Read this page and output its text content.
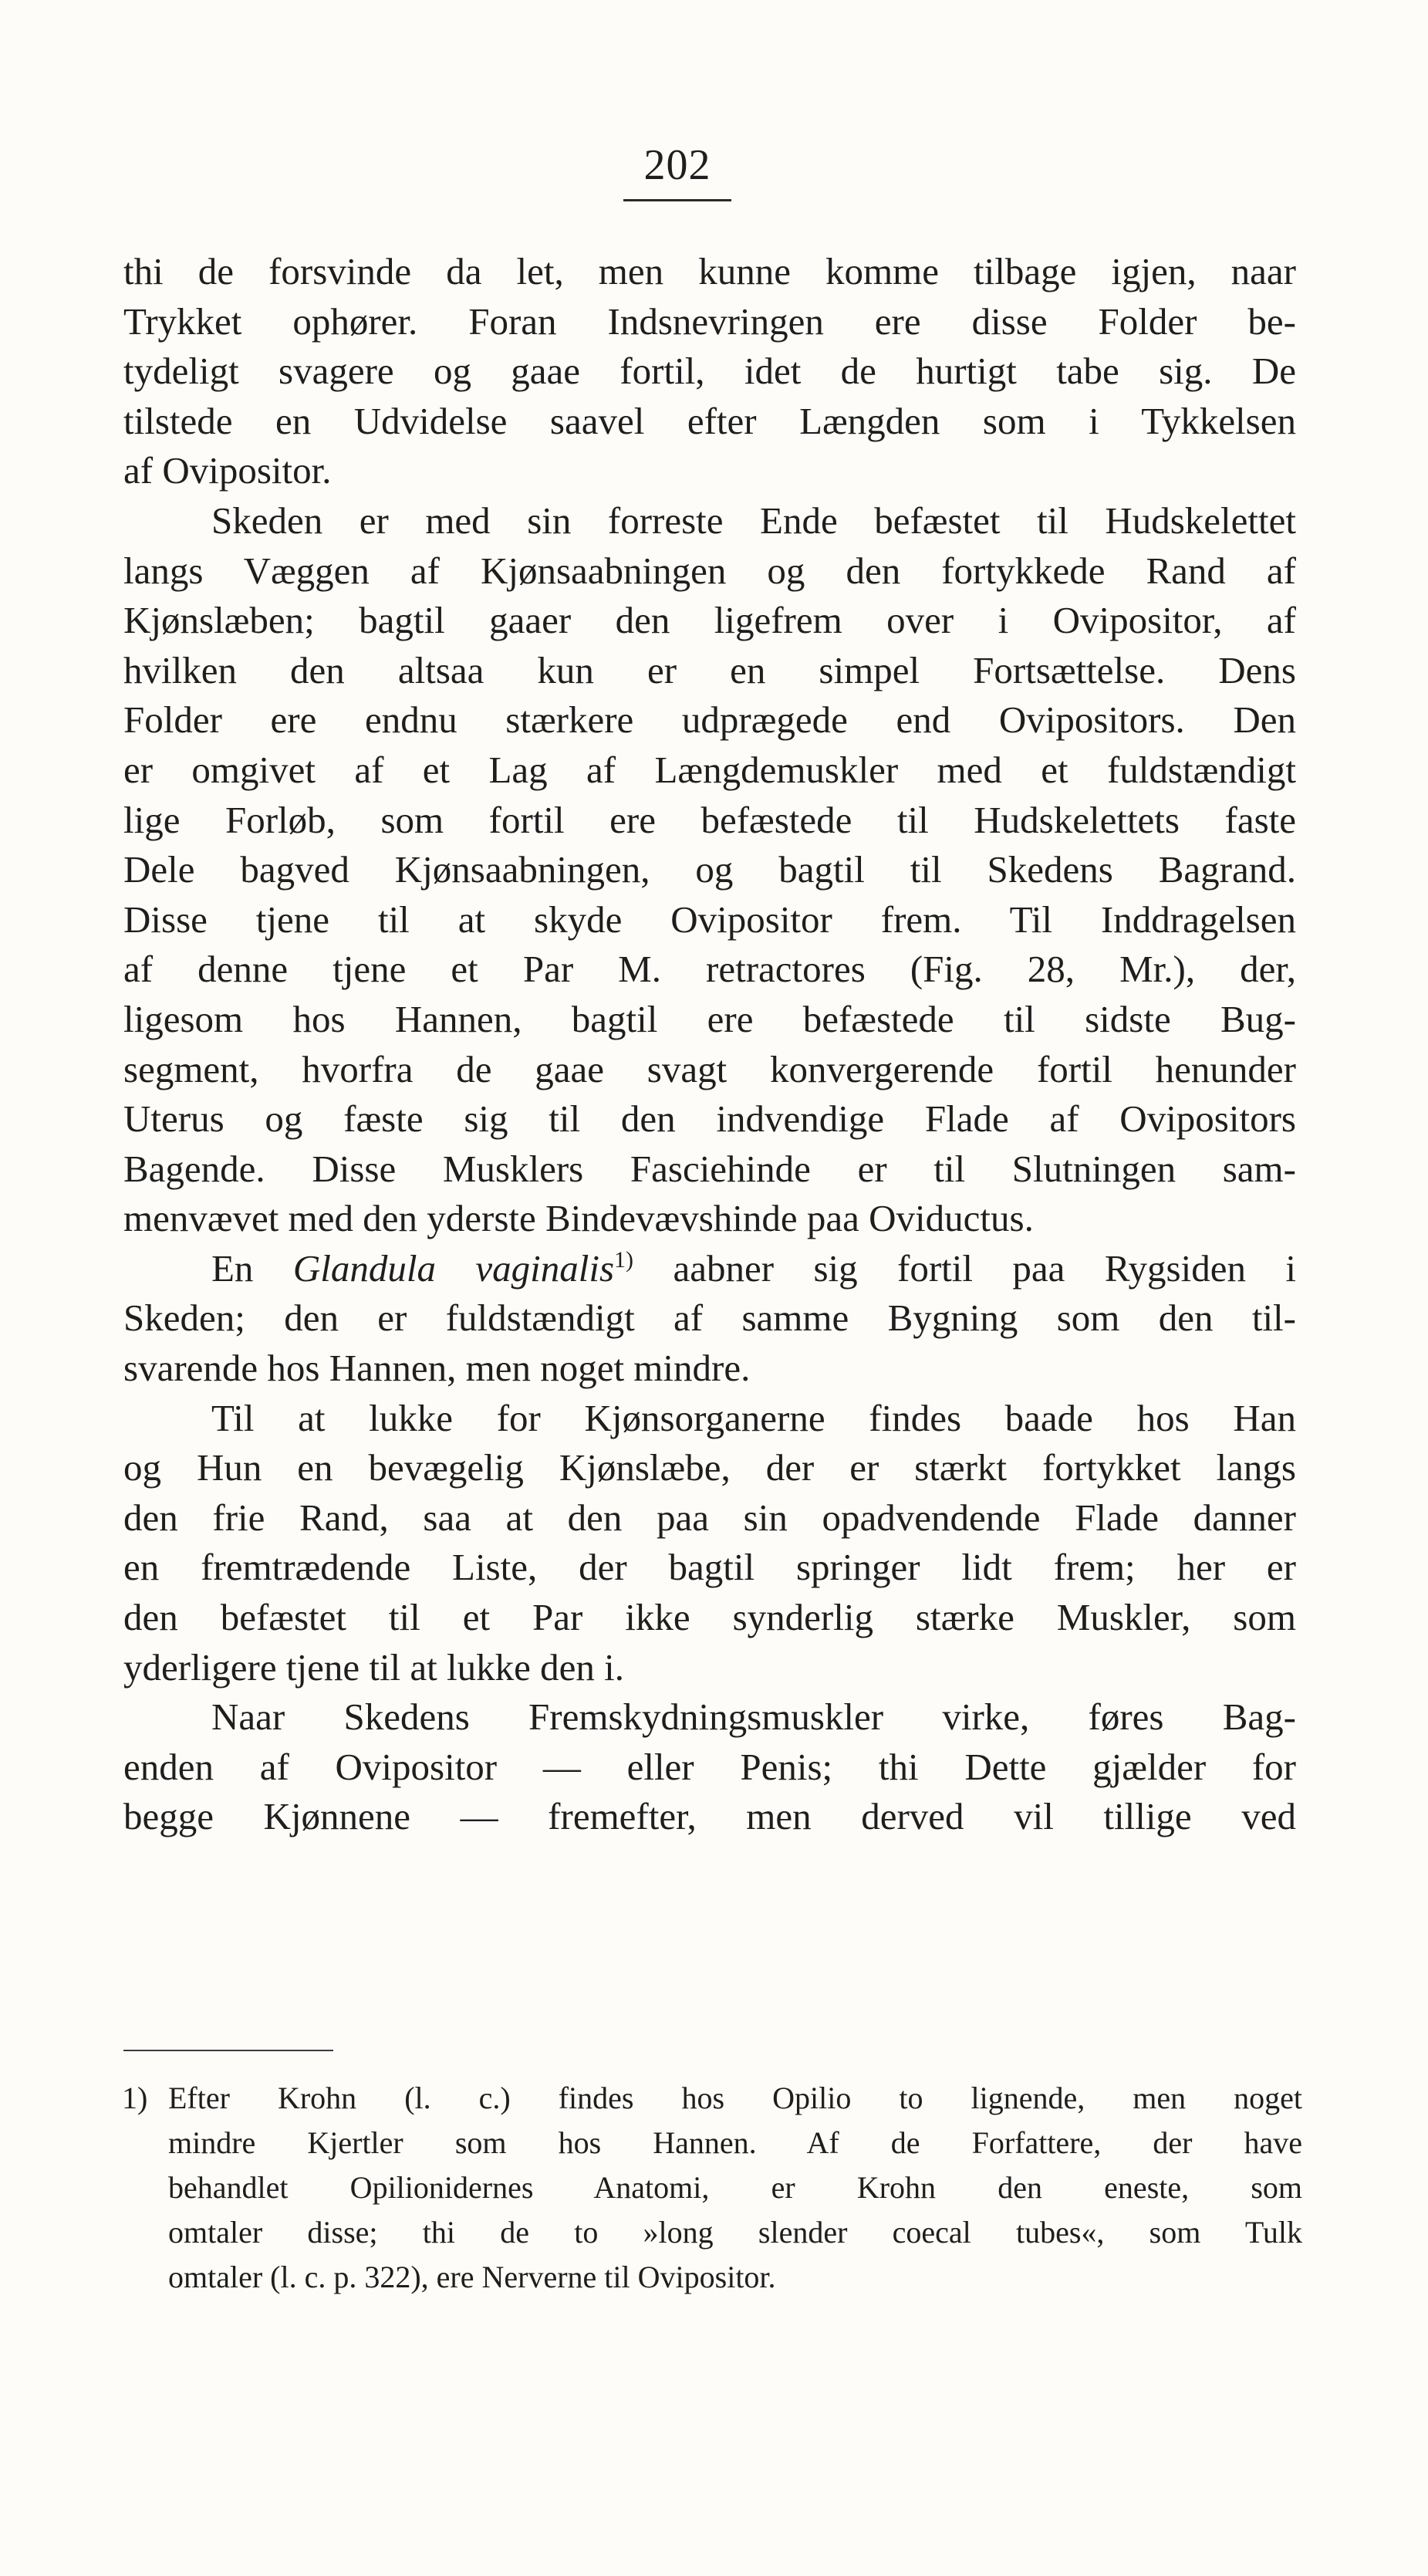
202
thi de forsvinde da let, men kunne komme tilbage igjen, naar
Trykket ophører. Foran Indsnevringen ere disse Folder be-
tydeligt svagere og gaae fortil, idet de hurtigt tabe sig. De
tilstede en Udvidelse saavel efter Længden som i Tykkelsen
af Ovipositor.
Skeden er med sin forreste Ende befæstet til Hudskelettet
langs Væggen af Kjønsaabningen og den fortykkede Rand af
Kjønslæben; bagtil gaaer den ligefrem over i Ovipositor, af
hvilken den altsaa kun er en simpel Fortsættelse. Dens
Folder ere endnu stærkere udprægede end Ovipositors. Den
er omgivet af et Lag af Længdemuskler med et fuldstændigt
lige Forløb, som fortil ere befæstede til Hudskelettets faste
Dele bagved Kjønsaabningen, og bagtil til Skedens Bagrand.
Disse tjene til at skyde Ovipositor frem. Til Inddragelsen
af denne tjene et Par M. retractores (Fig. 28, Mr.), der,
ligesom hos Hannen, bagtil ere befæstede til sidste Bug-
segment, hvorfra de gaae svagt konvergerende fortil henunder
Uterus og fæste sig til den indvendige Flade af Ovipositors
Bagende. Disse Musklers Fasciehinde er til Slutningen sam-
menvævet med den yderste Bindevævshinde paa Oviductus.
En Glandula vaginalis$^{1)}$ aabner sig fortil paa Rygsiden i
Skeden; den er fuldstændigt af samme Bygning som den til-
svarende hos Hannen, men noget mindre.
Til at lukke for Kjønsorganerne findes baade hos Han
og Hun en bevægelig Kjønslæbe, der er stærkt fortykket langs
den frie Rand, saa at den paa sin opadvendende Flade danner
en fremtrædende Liste, der bagtil springer lidt frem; her er
den befæstet til et Par ikke synderlig stærke Muskler, som
yderligere tjene til at lukke den i.
Naar Skedens Fremskydningsmuskler virke, føres Bag-
enden af Ovipositor — eller Penis; thi Dette gjælder for
begge Kjønnene — fremefter, men derved vil tillige ved
1) Efter Krohn (l. c.) findes hos Opilio to lignende, men noget
mindre Kjertler som hos Hannen. Af de Forfattere, der have
behandlet Opilionidernes Anatomi, er Krohn den eneste, som
omtaler disse; thi de to »long slender coecal tubes«, som Tulk
omtaler (l. c. p. 322), ere Nerverne til Ovipositor.
